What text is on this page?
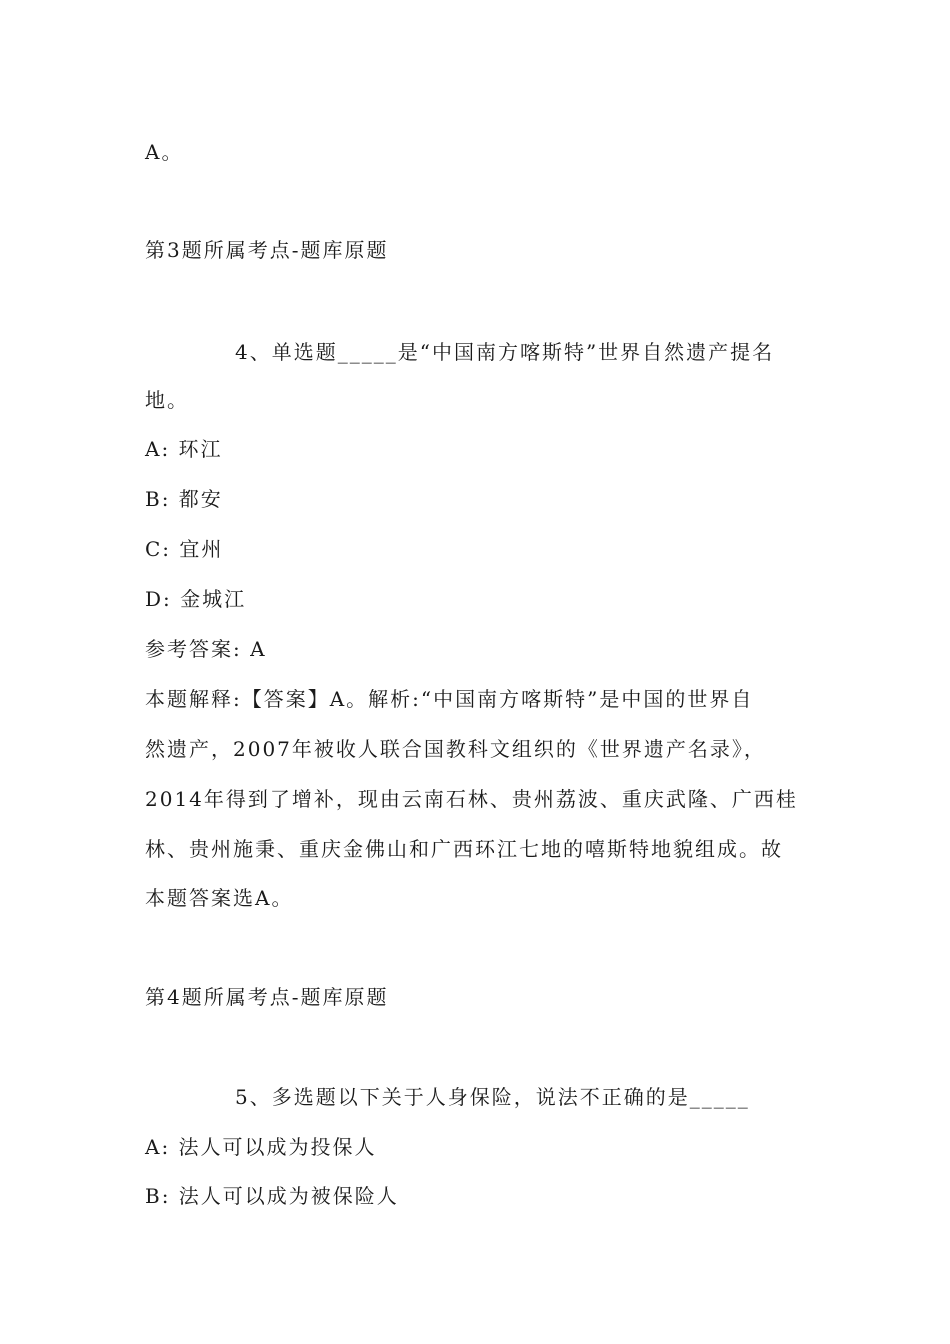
A。
第3题所属考点-题库原题
4、单选题_____是“中国南方喀斯特”世界自然遗产提名
地。
A: 环江
B: 都安
C: 宜州
D: 金城江
参考答案: A
本题解释:【答案】A。解析:“中国南方喀斯特”是中国的世界自
然遗产，2007年被收人联合国教科文组织的《世界遗产名录》，
2014年得到了增补，现由云南石林、贵州荔波、重庆武隆、广西桂
林、贵州施秉、重庆金佛山和广西环江七地的嘻斯特地貌组成。故
本题答案选A。
第4题所属考点-题库原题
5、多选题以下关于人身保险，说法不正确的是_____
A: 法人可以成为投保人
B: 法人可以成为被保险人
